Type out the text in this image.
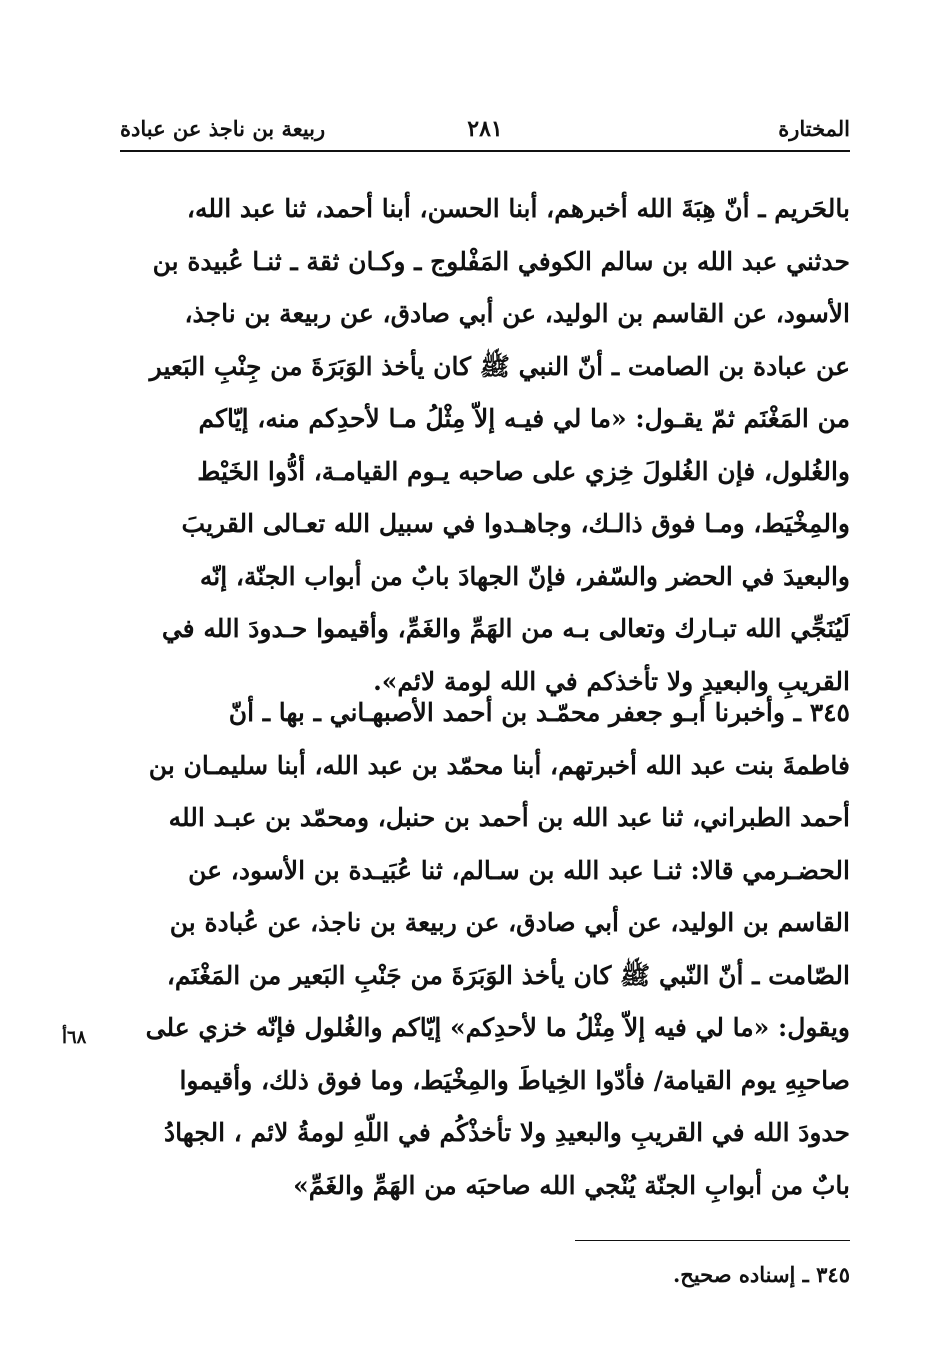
المختارة
٢٨١
ربيعة بن ناجذ عن عبادة
بالحَريم ـ أنّ هِبَةَ الله أخبرهم، أبنا الحسن، أبنا أحمد، ثنا عبد الله،
حدثني عبد الله بن سالم الكوفي المَفْلوج ـ وكـان ثقة ـ ثنـا عُبيدة بن
الأسود، عن القاسم بن الوليد، عن أبي صادق، عن ربيعة بن ناجذ،
عن عبادة بن الصامت ـ أنّ النبي ﷺ كان يأخذ الوَبَرَةَ من جِنْبِ البَعير
من المَغْنَم ثمّ يقـول: «ما لي فيـه إلاّ مِثْلُ مـا لأحدِكم منه، إيّاكم
والغُلول، فإن الغُلولَ خِزي على صاحبه يـوم القيامـة، أدُّوا الخَيْط
والمِخْيَط، ومـا فوق ذالـك، وجاهـدوا في سبيل الله تعـالى القريبَ
والبعيدَ في الحضر والسّفر، فإنّ الجهادَ بابٌ من أبواب الجنّة، إنّه
لَيُنَجِّي الله تبـارك وتعالى بـه من الهَمِّ والغَمِّ، وأقيموا حـدودَ الله في
القريبِ والبعيدِ ولا تأخذكم في الله لومة لائم».
٣٤٥ ـ وأخبرنا أبـو جعفر محمّـد بن أحمد الأصبهـاني ـ بها ـ أنّ
فاطمةَ بنت عبد الله أخبرتهم، أبنا محمّد بن عبد الله، أبنا سليمـان بن
أحمد الطبراني، ثنا عبد الله بن أحمد بن حنبل، ومحمّد بن عبـد الله
الحضـرمي قالا: ثنـا عبد الله بن سـالم، ثنا عُبَيـدة بن الأسود، عن
القاسم بن الوليد، عن أبي صادق، عن ربيعة بن ناجذ، عن عُبادة بن
الصّامت ـ أنّ النّبي ﷺ كان يأخذ الوَبَرَةَ من جَنْبِ البَعير من المَغْنَم،
ويقول: «ما لي فيه إلاّ مِثْلُ ما لأحدِكم» إيّاكم والغُلول فإنّه خزي على
صاحبِهِ يوم القيامة/ فأدّوا الخِياطَ والمِخْيَط، وما فوق ذلك، وأقيموا
حدودَ الله في القريبِ والبعيدِ ولا تأخذْكُم في اللّهِ لومةُ لائم ، الجهادُ
بابٌ من أبوابِ الجنّة يُنْجي الله صاحبَه من الهَمِّ والغَمِّ»
٦٨أ
٣٤٥ ـ إسناده صحيح.
